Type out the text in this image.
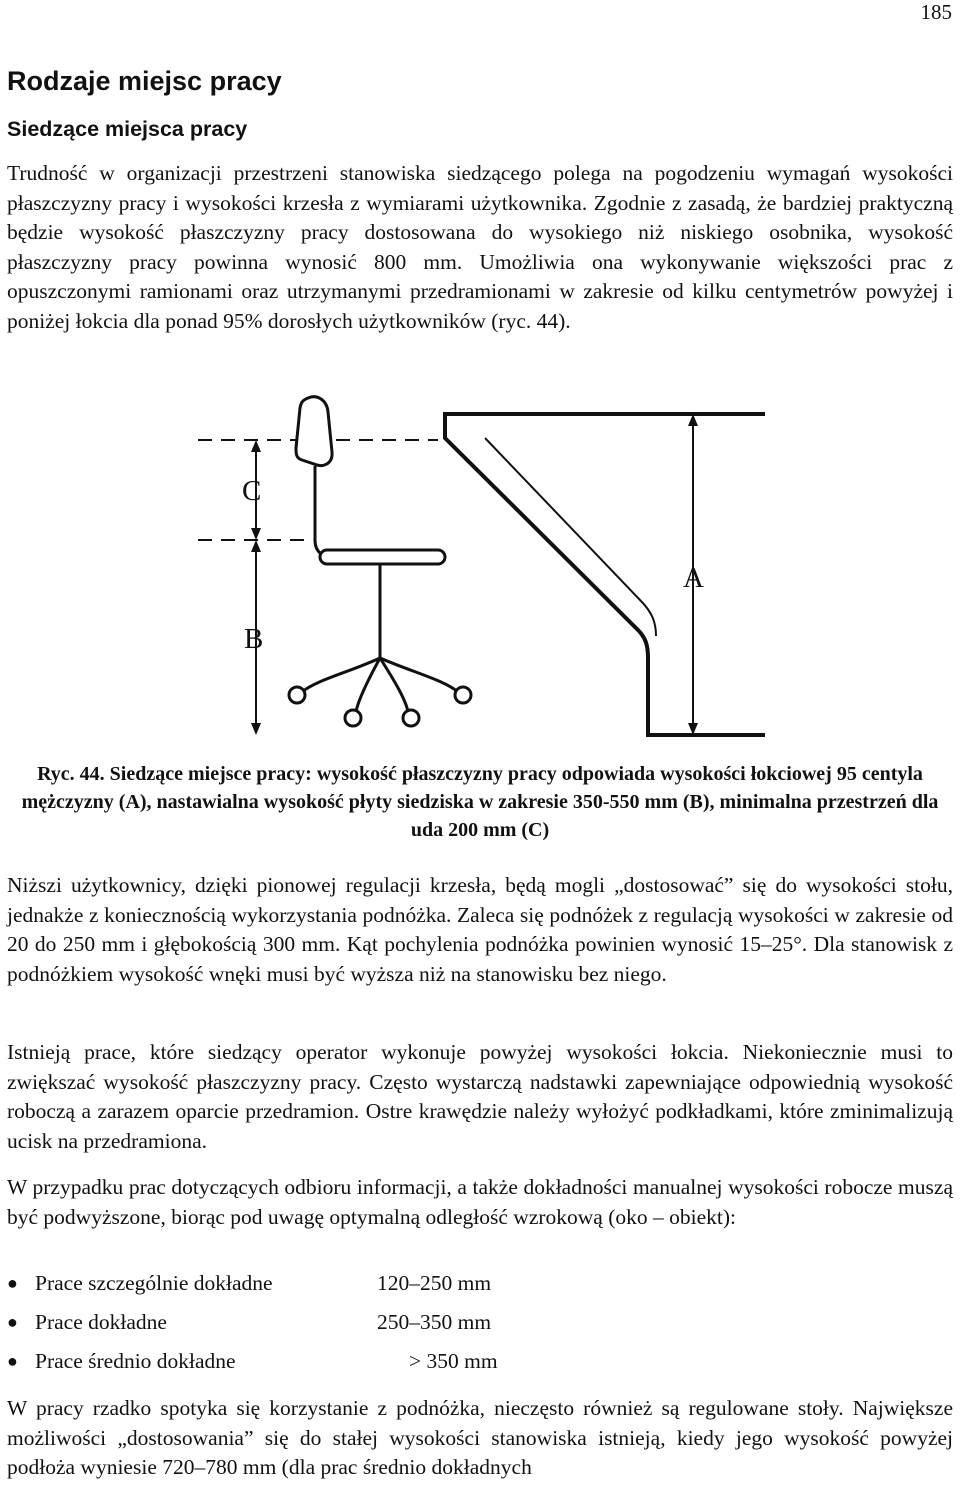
185
Rodzaje miejsc pracy
Siedzące miejsca pracy

Trudność w organizacji przestrzeni stanowiska siedzącego polega na pogodzeniu wymagań wysokości płaszczyzny pracy i wysokości krzesła z wymiarami użytkownika. Zgodnie z zasadą, że bardziej praktyczną będzie wysokość płaszczyzny pracy dostosowana do wysokiego niż niskiego osobnika, wysokość płaszczyzny pracy powinna wynosić 800 mm. Umożliwia ona wykonywanie większości prac z opuszczonymi ramionami oraz utrzymanymi przedramionami w zakresie od kilku centymetrów powyżej i poniżej łokcia dla ponad 95% dorosłych użytkowników (ryc. 44).

C
B
A

Ryc. 44. Siedzące miejsce pracy: wysokość płaszczyzny pracy odpowiada wysokości łokciowej 95 centyla mężczyzny (A), nastawialna wysokość płyty siedziska w zakresie 350-550 mm (B), minimalna przestrzeń dla uda 200 mm (C)

Niższi użytkownicy, dzięki pionowej regulacji krzesła, będą mogli „dostosować” się do wysokości stołu, jednakże z koniecznością wykorzystania podnóżka. Zaleca się podnóżek z regulacją wysokości w zakresie od 20 do 250 mm i głębokością 300 mm. Kąt pochylenia podnóżka powinien wynosić 15–25°. Dla stanowisk z podnóżkiem wysokość wnęki musi być wyższa niż na stanowisku bez niego.

Istnieją prace, które siedzący operator wykonuje powyżej wysokości łokcia. Niekoniecznie musi to zwiększać wysokość płaszczyzny pracy. Często wystarczą nadstawki zapewniające odpowiednią wysokość roboczą a zarazem oparcie przedramion. Ostre krawędzie należy wyłożyć podkładkami, które zminimalizują ucisk na przedramiona.

W przypadku prac dotyczących odbioru informacji, a także dokładności manualnej wysokości robocze muszą być podwyższone, biorąc pod uwagę optymalną odległość wzrokową (oko – obiekt):

● Prace szczególnie dokładne	120–250 mm
● Prace dokładne	250–350 mm
● Prace średnio dokładne	> 350 mm

W pracy rzadko spotyka się korzystanie z podnóżka, nieczęsto również są regulowane stoły. Największe możliwości „dostosowania” się do stałej wysokości stanowiska istnieją, kiedy jego wysokość powyżej podłoża wyniesie 720–780 mm (dla prac średnio dokładnych
